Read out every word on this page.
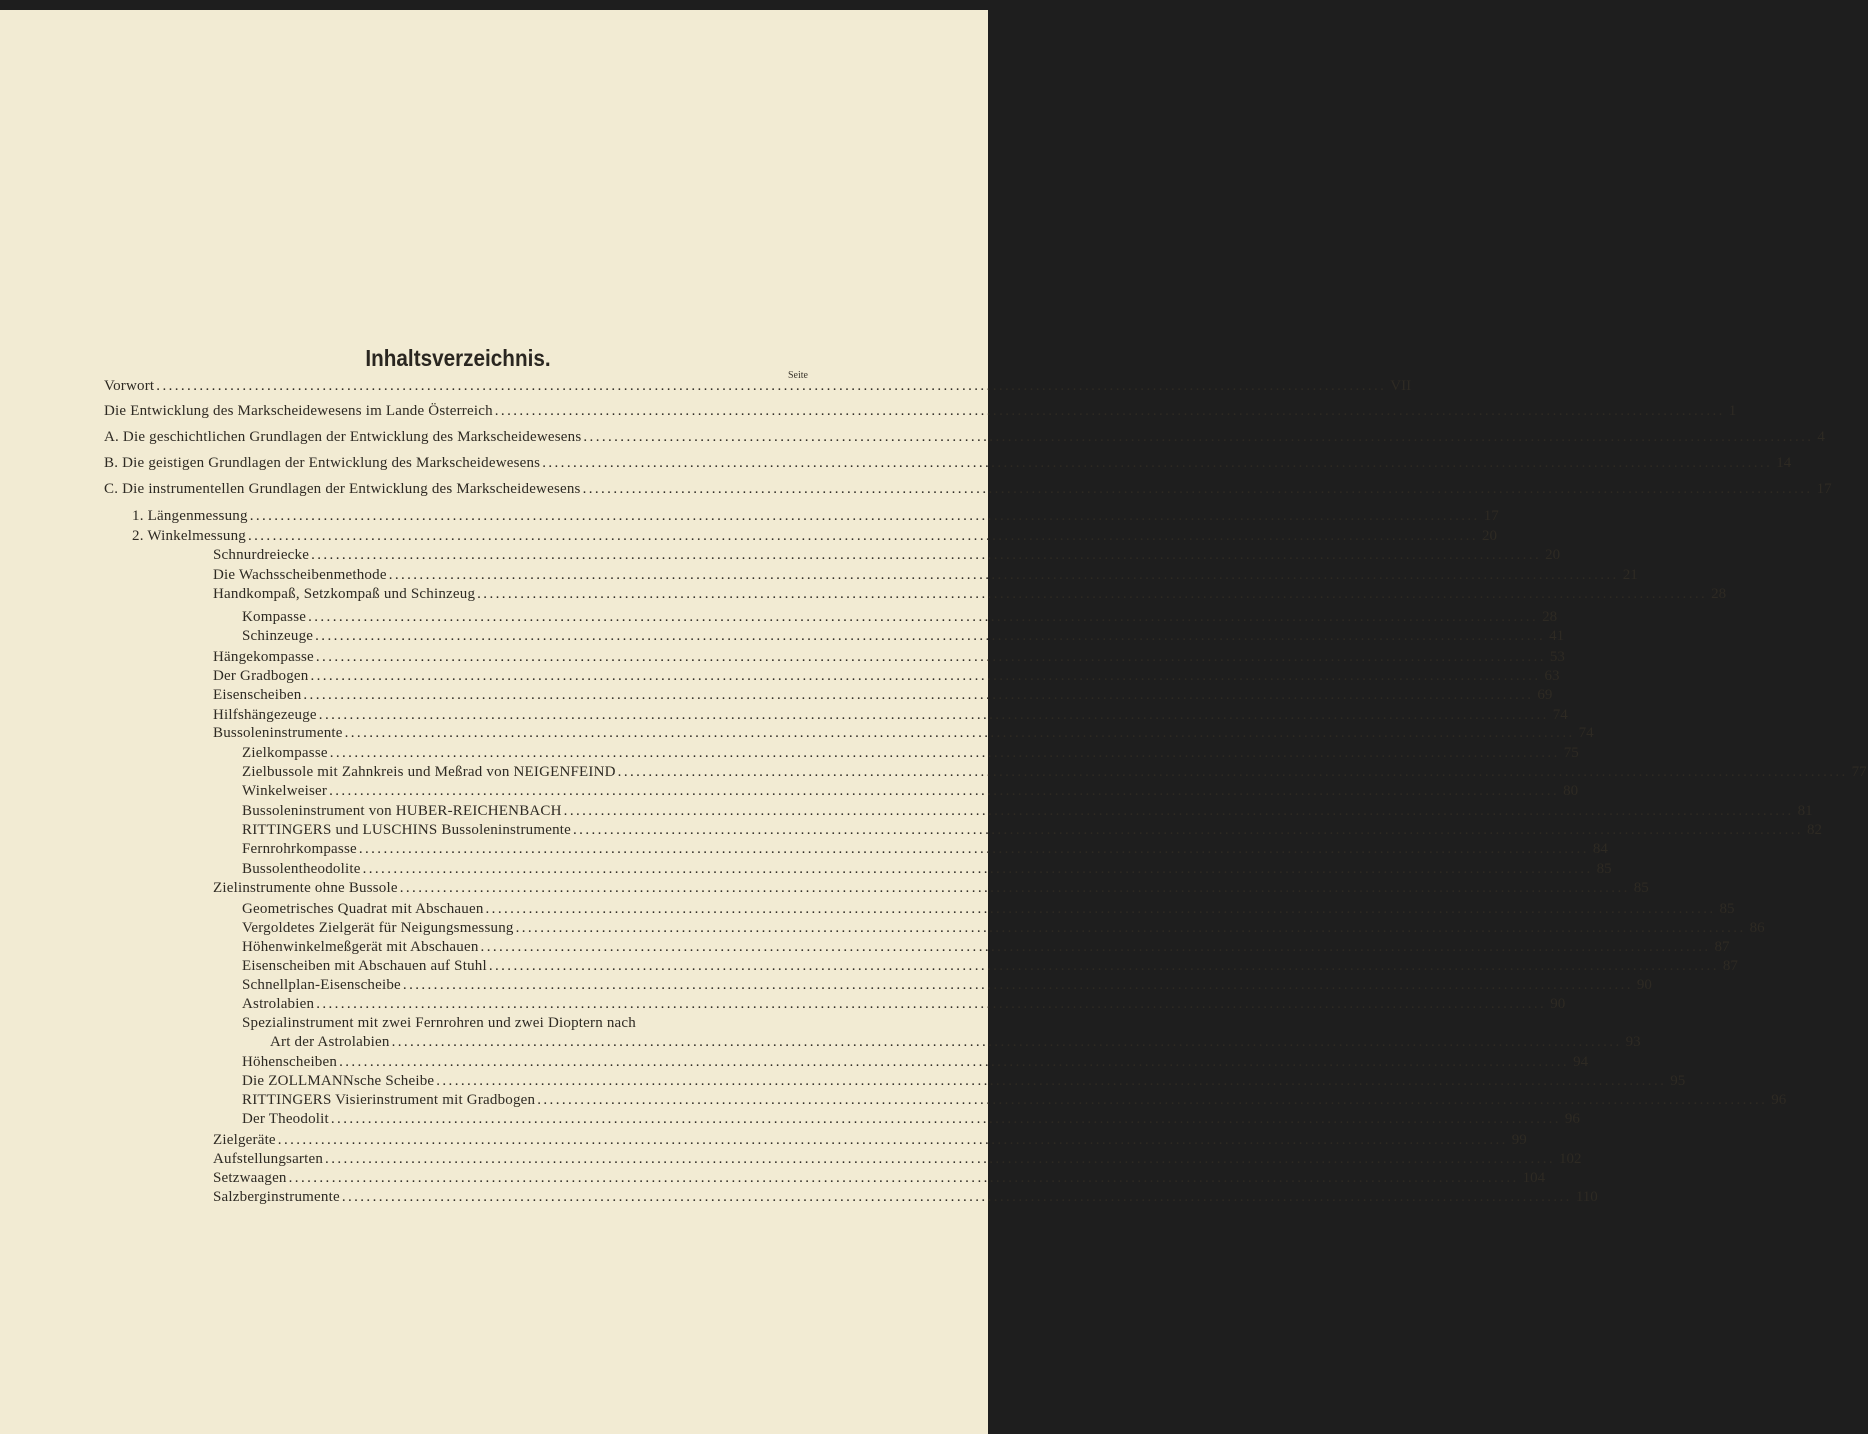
Inhaltsverzeichnis.
Seite
Vorwort ........................................................................................................................................................................................................ VII
Die Entwicklung des Markscheidewesens im Lande Österreich ........................................................................................................................................................................................................ 1
A. Die geschichtlichen Grundlagen der Entwicklung des Markscheidewesens ........................................................................................................................................................................................................ 4
B. Die geistigen Grundlagen der Entwicklung des Markscheidewesens ........................................................................................................................................................................................................ 14
C. Die instrumentellen Grundlagen der Entwicklung des Markscheidewesens ........................................................................................................................................................................................................ 17
1. Längenmessung ........................................................................................................................................................................................................ 17
2. Winkelmessung ........................................................................................................................................................................................................ 20
Schnurdreiecke ........................................................................................................................................................................................................ 20
Die Wachsscheibenmethode ........................................................................................................................................................................................................ 21
Handkompaß, Setzkompaß und Schinzeug ........................................................................................................................................................................................................ 28
Kompasse ........................................................................................................................................................................................................ 28
Schinzeuge ........................................................................................................................................................................................................ 41
Hängekompasse ........................................................................................................................................................................................................ 53
Der Gradbogen ........................................................................................................................................................................................................ 63
Eisenscheiben ........................................................................................................................................................................................................ 69
Hilfshängezeuge ........................................................................................................................................................................................................ 74
Bussoleninstrumente ........................................................................................................................................................................................................ 74
Zielkompasse ........................................................................................................................................................................................................ 75
Zielbussole mit Zahnkreis und Meßrad von NEIGENFEIND ........................................................................................................................................................................................................ 77
Winkelweiser ........................................................................................................................................................................................................ 80
Bussoleninstrument von HUBER-REICHENBACH ........................................................................................................................................................................................................ 81
RITTINGERS und LUSCHINS Bussoleninstrumente ........................................................................................................................................................................................................ 82
Fernrohrkompasse ........................................................................................................................................................................................................ 84
Bussolentheodolite ........................................................................................................................................................................................................ 85
Zielinstrumente ohne Bussole ........................................................................................................................................................................................................ 85
Geometrisches Quadrat mit Abschauen ........................................................................................................................................................................................................ 85
Vergoldetes Zielgerät für Neigungsmessung ........................................................................................................................................................................................................ 86
Höhenwinkelmeßgerät mit Abschauen ........................................................................................................................................................................................................ 87
Eisenscheiben mit Abschauen auf Stuhl ........................................................................................................................................................................................................ 87
Schnellplan-Eisenscheibe ........................................................................................................................................................................................................ 90
Astrolabien ........................................................................................................................................................................................................ 90
Spezialinstrument mit zwei Fernrohren und zwei Dioptern nach
Art der Astrolabien ........................................................................................................................................................................................................ 93
Höhenscheiben ........................................................................................................................................................................................................ 94
Die ZOLLMANNsche Scheibe ........................................................................................................................................................................................................ 95
RITTINGERS Visierinstrument mit Gradbogen ........................................................................................................................................................................................................ 96
Der Theodolit ........................................................................................................................................................................................................ 96
Zielgeräte ........................................................................................................................................................................................................ 99
Aufstellungsarten ........................................................................................................................................................................................................ 102
Setzwaagen ........................................................................................................................................................................................................ 104
Salzberginstrumente ........................................................................................................................................................................................................ 110
